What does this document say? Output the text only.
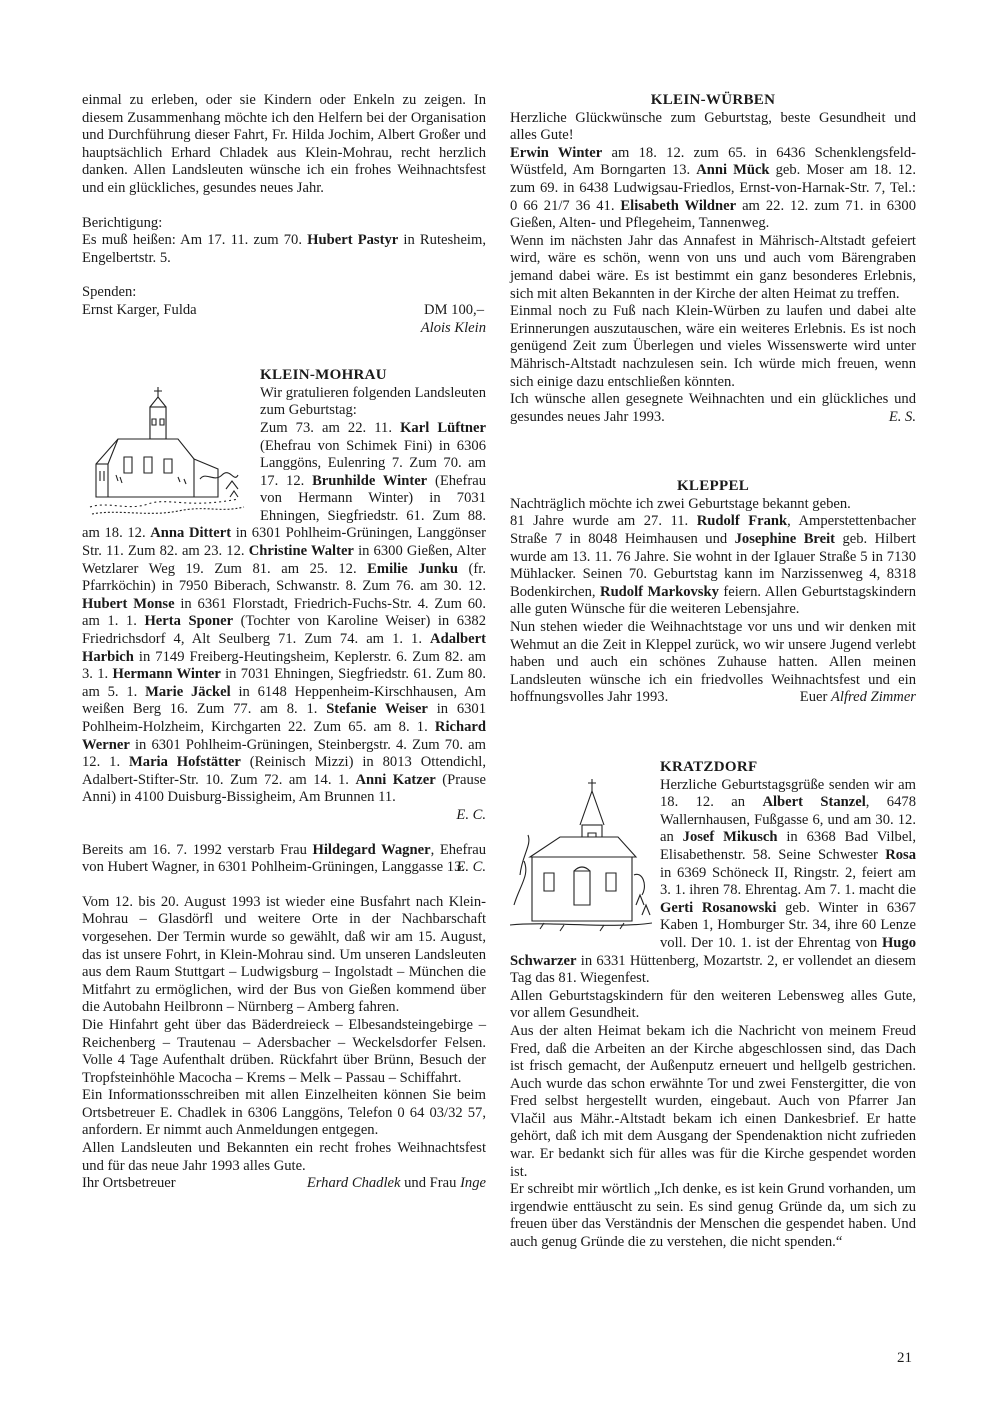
einmal zu erleben, oder sie Kindern oder Enkeln zu zeigen. In diesem Zusammenhang möchte ich den Helfern bei der Organisation und Durchführung dieser Fahrt, Fr. Hilda Jochim, Albert Großer und hauptsächlich Erhard Chladek aus Klein-Mohrau, recht herzlich danken. Allen Landsleuten wünsche ich ein frohes Weihnachtsfest und ein glückliches, gesundes neues Jahr.

Berichtigung:

Es muß heißen: Am 17. 11. zum 70. Hubert Pastyr in Rutesheim, Engelbertstr. 5.

Spenden:

Ernst Karger, Fulda	DM 100,–

Alois Klein

KLEIN-MOHRAU

Wir gratulieren folgenden Landsleuten zum Geburtstag:

Zum 73. am 22. 11. Karl Lüftner (Ehefrau von Schimek Fini) in 6306 Langgöns, Eulenring 7. Zum 70. am 17. 12. Brunhilde Winter (Ehefrau von Hermann Winter) in 7031 Ehningen, Siegfriedstr. 61. Zum 88. am 18. 12. Anna Dittert in 6301 Pohlheim-Grüningen, Langgönser Str. 11. Zum 82. am 23. 12. Christine Walter in 6300 Gießen, Alter Wetzlarer Weg 19. Zum 81. am 25. 12. Emilie Junku (fr. Pfarrköchin) in 7950 Biberach, Schwanstr. 8. Zum 76. am 30. 12. Hubert Monse in 6361 Florstadt, Friedrich-Fuchs-Str. 4. Zum 60. am 1. 1. Herta Sponer (Tochter von Karoline Weiser) in 6382 Friedrichsdorf 4, Alt Seulberg 71. Zum 74. am 1. 1. Adalbert Harbich in 7149 Freiberg-Heutingsheim, Keplerstr. 6. Zum 82. am 3. 1. Hermann Winter in 7031 Ehningen, Siegfriedstr. 61. Zum 80. am 5. 1. Marie Jäckel in 6148 Heppenheim-Kirschhausen, Am weißen Berg 16. Zum 77. am 8. 1. Stefanie Weiser in 6301 Pohlheim-Holzheim, Kirchgarten 22. Zum 65. am 8. 1. Richard Werner in 6301 Pohlheim-Grüningen, Steinbergstr. 4. Zum 70. am 12. 1. Maria Hofstätter (Reinisch Mizzi) in 8013 Ottendichl, Adalbert-Stifter-Str. 10. Zum 72. am 14. 1. Anni Katzer (Prause Anni) in 4100 Duisburg-Bissigheim, Am Brunnen 11.

E. C.

Bereits am 16. 7. 1992 verstarb Frau Hildegard Wagner, Ehefrau von Hubert Wagner, in 6301 Pohlheim-Grüningen, Langgasse 13.

E. C.

Vom 12. bis 20. August 1993 ist wieder eine Busfahrt nach Klein-Mohrau – Glasdörfl und weitere Orte in der Nachbarschaft vorgesehen. Der Termin wurde so gewählt, daß wir am 15. August, das ist unsere Fohrt, in Klein-Mohrau sind. Um unseren Landsleuten aus dem Raum Stuttgart – Ludwigsburg – Ingolstadt – München die Mitfahrt zu ermöglichen, wird der Bus von Gießen kommend über die Autobahn Heilbronn – Nürnberg – Amberg fahren.

Die Hinfahrt geht über das Bäderdreieck – Elbesandsteingebirge – Reichenberg – Trautenau – Adersbacher – Weckelsdorfer Felsen. Volle 4 Tage Aufenthalt drüben. Rückfahrt über Brünn, Besuch der Tropfsteinhöhle Macocha – Krems – Melk – Passau – Schiffahrt.

Ein Informationsschreiben mit allen Einzelheiten können Sie beim Ortsbetreuer E. Chadlek in 6306 Langgöns, Telefon 0 64 03/32 57, anfordern. Er nimmt auch Anmeldungen entgegen.

Allen Landsleuten und Bekannten ein recht frohes Weihnachtsfest und für das neue Jahr 1993 alles Gute.

Ihr Ortsbetreuer	Erhard Chadlek und Frau Inge
KLEIN-WÜRBEN

Herzliche Glückwünsche zum Geburtstag, beste Gesundheit und alles Gute!

Erwin Winter am 18. 12. zum 65. in 6436 Schenklengsfeld-Wüstfeld, Am Borngarten 13. Anni Mück geb. Moser am 18. 12. zum 69. in 6438 Ludwigsau-Friedlos, Ernst-von-Harnak-Str. 7, Tel.: 0 66 21/7 36 41. Elisabeth Wildner am 22. 12. zum 71. in 6300 Gießen, Alten- und Pflegeheim, Tannenweg.

Wenn im nächsten Jahr das Annafest in Mährisch-Altstadt gefeiert wird, wäre es schön, wenn von uns und auch vom Bärengraben jemand dabei wäre. Es ist bestimmt ein ganz besonderes Erlebnis, sich mit alten Bekannten in der Kirche der alten Heimat zu treffen.

Einmal noch zu Fuß nach Klein-Würben zu laufen und dabei alte Erinnerungen auszutauschen, wäre ein weiteres Erlebnis. Es ist noch genügend Zeit zum Überlegen und vieles Wissenswerte wird unter Mährisch-Altstadt nachzulesen sein. Ich würde mich freuen, wenn sich einige dazu entschließen könnten.

Ich wünsche allen gesegnete Weihnachten und ein glückliches und gesundes neues Jahr 1993.	E. S.

KLEPPEL

Nachträglich möchte ich zwei Geburtstage bekannt geben.

81 Jahre wurde am 27. 11. Rudolf Frank, Amperstettenbacher Straße 7 in 8048 Heimhausen und Josephine Breit geb. Hilbert wurde am 13. 11. 76 Jahre. Sie wohnt in der Iglauer Straße 5 in 7130 Mühlacker. Seinen 70. Geburtstag kann im Narzissenweg 4, 8318 Bodenkirchen, Rudolf Markovsky feiern. Allen Geburtstagskindern alle guten Wünsche für die weiteren Lebensjahre.

Nun stehen wieder die Weihnachtstage vor uns und wir denken mit Wehmut an die Zeit in Kleppel zurück, wo wir unsere Jugend verlebt haben und auch ein schönes Zuhause hatten. Allen meinen Landsleuten wünsche ich ein friedvolles Weihnachtsfest und ein hoffnungsvolles Jahr 1993.	Euer Alfred Zimmer

KRATZDORF

Herzliche Geburtstagsgrüße senden wir am 18. 12. an Albert Stanzel, 6478 Wallernhausen, Fußgasse 6, und am 30. 12. an Josef Mikusch in 6368 Bad Vilbel, Elisabethenstr. 58. Seine Schwester Rosa in 6369 Schöneck II, Ringstr. 2, feiert am 3. 1. ihren 78. Ehrentag. Am 7. 1. macht die Gerti Rosanowski geb. Winter in 6367 Kaben 1, Homburger Str. 34, ihre 60 Lenze voll. Der 10. 1. ist der Ehrentag von Hugo Schwarzer in 6331 Hüttenberg, Mozartstr. 2, er vollendet an diesem Tag das 81. Wiegenfest.

Allen Geburtstagskindern für den weiteren Lebensweg alles Gute, vor allem Gesundheit.

Aus der alten Heimat bekam ich die Nachricht von meinem Freud Fred, daß die Arbeiten an der Kirche abgeschlossen sind, das Dach ist frisch gemacht, der Außenputz erneuert und hellgelb gestrichen. Auch wurde das schon erwähnte Tor und zwei Fenstergitter, die von Fred selbst hergestellt wurden, eingebaut. Auch von Pfarrer Jan Vlačil aus Mähr.-Altstadt bekam ich einen Dankesbrief. Er hatte gehört, daß ich mit dem Ausgang der Spendenaktion nicht zufrieden war. Er bedankt sich für alles was für die Kirche gespendet worden ist.

Er schreibt mir wörtlich „Ich denke, es ist kein Grund vorhanden, um irgendwie enttäuscht zu sein. Es sind genug Gründe da, um sich zu freuen über das Verständnis der Menschen die gespendet haben. Und auch genug Gründe die zu verstehen, die nicht spenden.“

21
